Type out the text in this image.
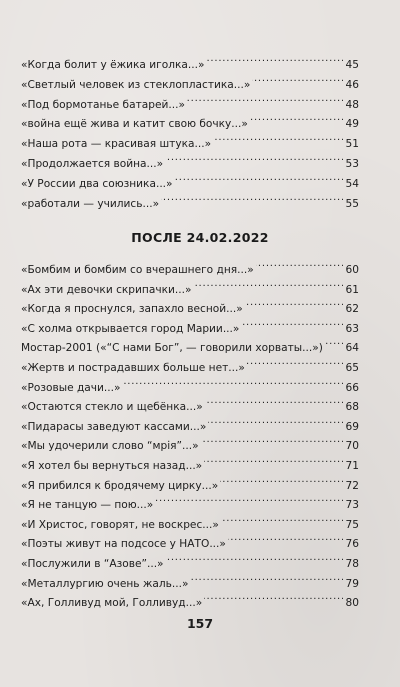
«Когда болит у ёжика иголка...» . . .	45
«Светлый человек из стеклопластика...» . . .	46
«Под бормотанье батарей...» . . .	48
«война ещё жива и катит свою бочку...» . . .	49
«Наша рота — красивая штука...» . . .	51
«Продолжается война...» . . .	53
«У России два союзника...» . . .	54
«работали — учились...» . . .	55
ПОСЛЕ 24.02.2022
«Бомбим и бомбим со вчерашнего дня...» . . .	60
«Ах эти девочки скрипачки...» . . .	61
«Когда я проснулся, запахло весной...» . . .	62
«С холма открывается город Марии...» . . .	63
Мостар-2001 («“С нами Бог”, — говорили хорваты...») . . . 64
«Жертв и пострадавших больше нет...» . . .	65
«Розовые дачи...» . . .	66
«Остаются стекло и щебёнка...» . . .	68
«Пидарасы заведуют кассами...» . . .	69
«Мы удочерили слово “мрія”...» . . .	70
«Я хотел бы вернуться назад...» . . .	71
«Я прибился к бродячему цирку...» . . .	72
«Я не танцую — пою...» . . .	73
«И Христос, говорят, не воскрес...» . . .	75
«Поэты живут на подсосе у НАТО...» . . .	76
«Послужили в “Азове”...» . . .	78
«Металлургию очень жаль...» . . .	79
«Ах, Голливуд мой, Голливуд...» . . .	80
157
